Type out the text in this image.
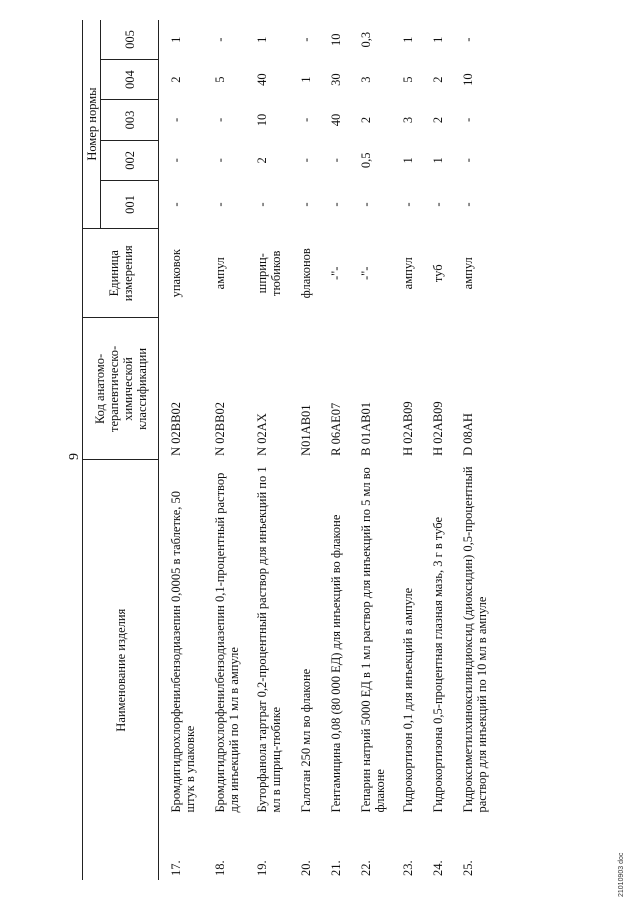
9
Наименование изделия		Код анатомо-терапевтическо-химической классификации	Единица измерения	Номер нормы				
				001	002	003	004	005
17.	Бромдигидрохлорфенилбензодиазепин 0,0005 в таблетке, 50 штук в упаковке	N 02BB02	упаковок	-	-	-	2	1
18.	Бромдигидрохлорфенилбензодиазепин 0,1-процентный раствор для инъекций по 1 мл в ампуле	N 02BB02	ампул	-	-	-	5	-
19.	Буторфанола тартрат 0,2-процентный раствор для инъекций по 1 мл в шприц-тюбике	N 02AX	шприц-тюбиков	-	2	10	40	1
20.	Галотан 250 мл во флаконе	N01AB01	флаконов	-	-	-	1	-
21.	Гентамицина 0,08 (80 000 ЕД) для инъекций во флаконе	R 06AE07	-"-	-	-	40	30	10
22.	Гепарин натрий 5000 ЕД в 1 мл раствор для инъекций по 5 мл во флаконе	B 01AB01	-"-	-	0,5	2	3	0,3
23.	Гидрокортизон 0,1 для инъекций в ампуле	H 02AB09	ампул	-	1	3	5	1
24.	Гидрокортизона 0,5-процентная глазная мазь, 3 г в тубе	H 02AB09	туб	-	1	2	2	1
25.	Гидроксиметилхиноксилиндиоксид (диоксидин) 0,5-процентный раствор для инъекций по 10 мл в ампуле	D 08AH	ампул	-	-	-	10	-
21010903 doc
